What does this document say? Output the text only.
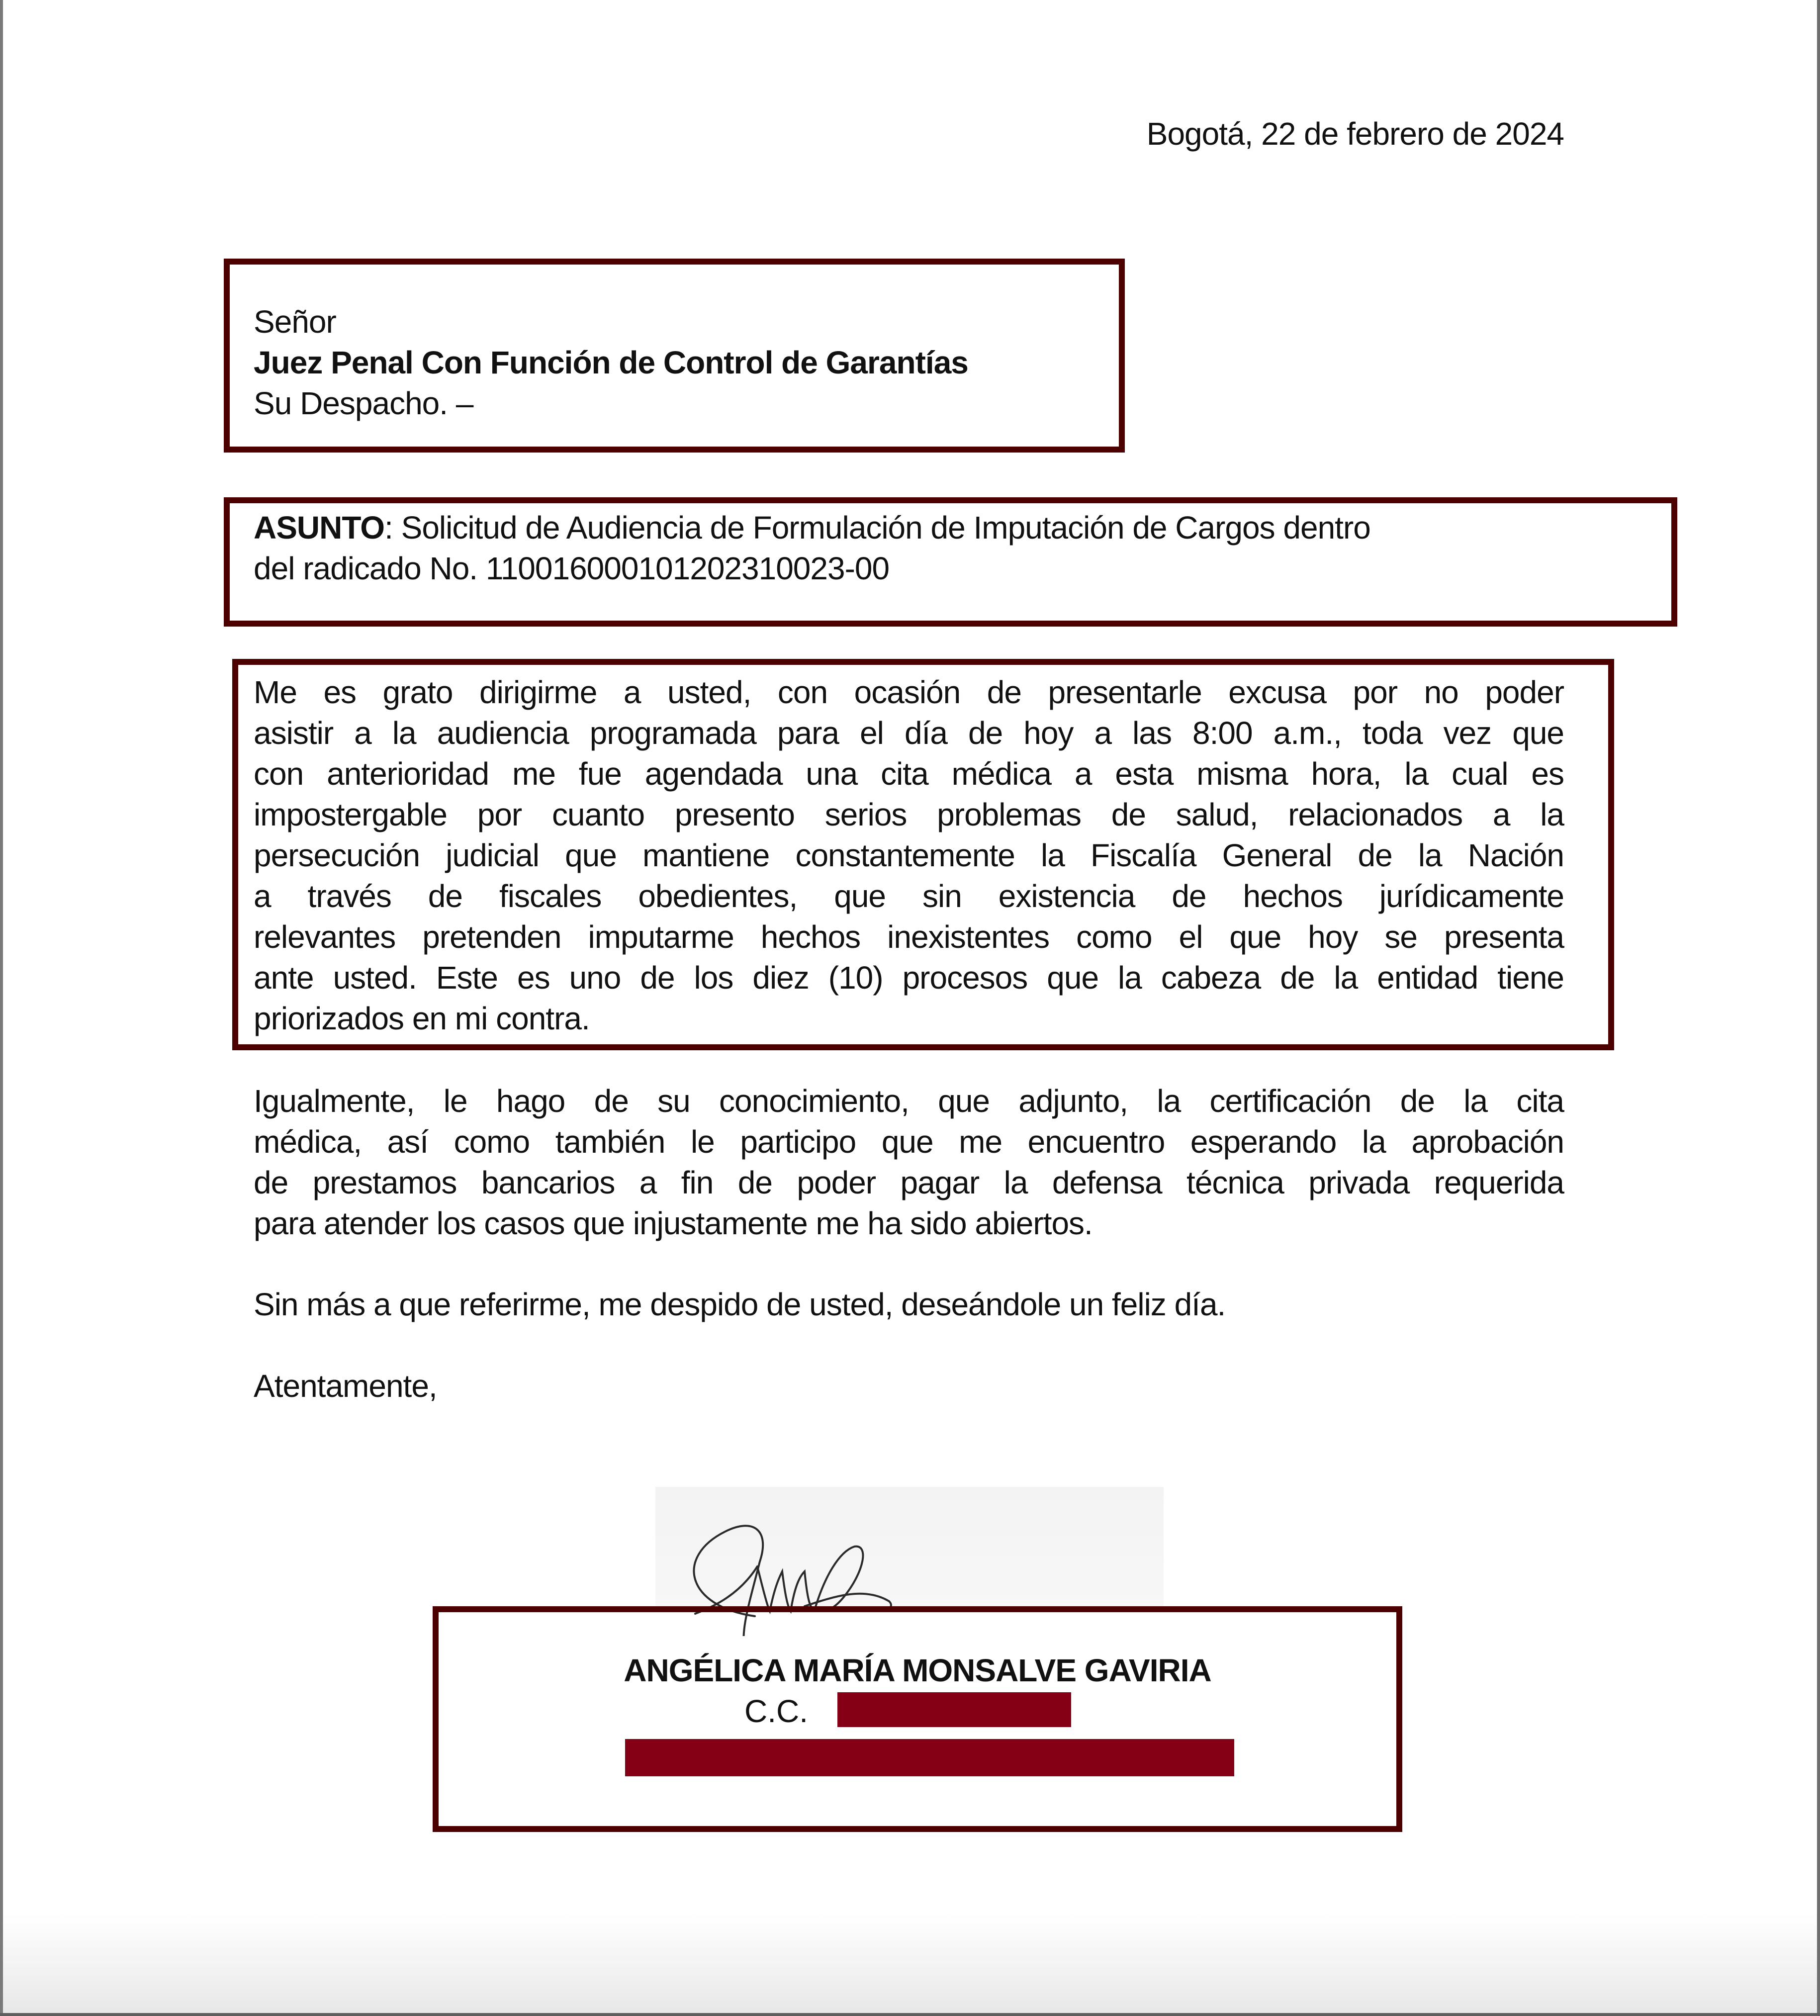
Bogotá, 22 de febrero de 2024
Señor
Juez Penal Con Función de Control de Garantías
Su Despacho. –
ASUNTO: Solicitud de Audiencia de Formulación de Imputación de Cargos dentro
del radicado No. 110016000101202310023-00
Me es grato dirigirme a usted, con ocasión de presentarle excusa por no poder
asistir a la audiencia programada para el día de hoy a las 8:00 a.m., toda vez que
con anterioridad me fue agendada una cita médica a esta misma hora, la cual es
impostergable por cuanto presento serios problemas de salud, relacionados a la
persecución judicial que mantiene constantemente la Fiscalía General de la Nación
a través de fiscales obedientes, que sin existencia de hechos jurídicamente
relevantes pretenden imputarme hechos inexistentes como el que hoy se presenta
ante usted. Este es uno de los diez (10) procesos que la cabeza de la entidad tiene
priorizados en mi contra.
Igualmente, le hago de su conocimiento, que adjunto, la certificación de la cita
médica, así como también le participo que me encuentro esperando la aprobación
de prestamos bancarios a fin de poder pagar la defensa técnica privada requerida
para atender los casos que injustamente me ha sido abiertos.
Sin más a que referirme, me despido de usted, deseándole un feliz día.
Atentamente,
ANGÉLICA MARÍA MONSALVE GAVIRIA
C.C.
